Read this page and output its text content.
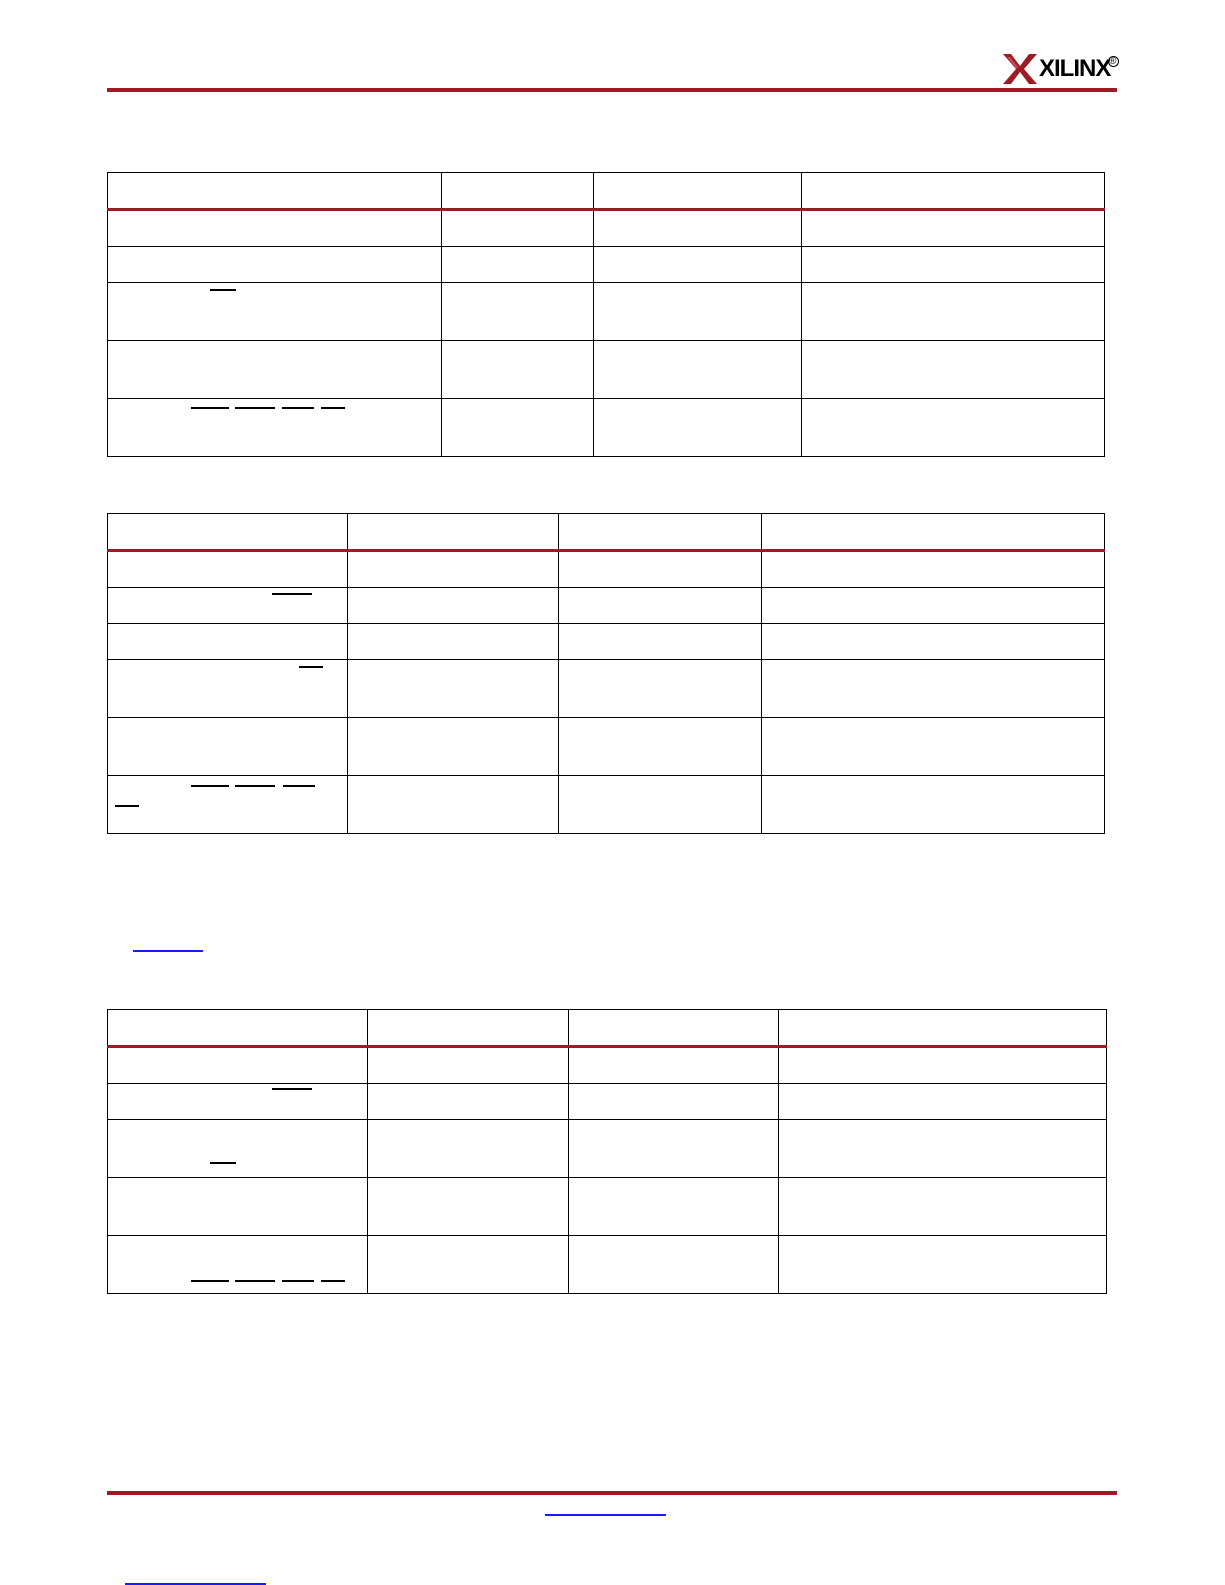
XILINX
®
